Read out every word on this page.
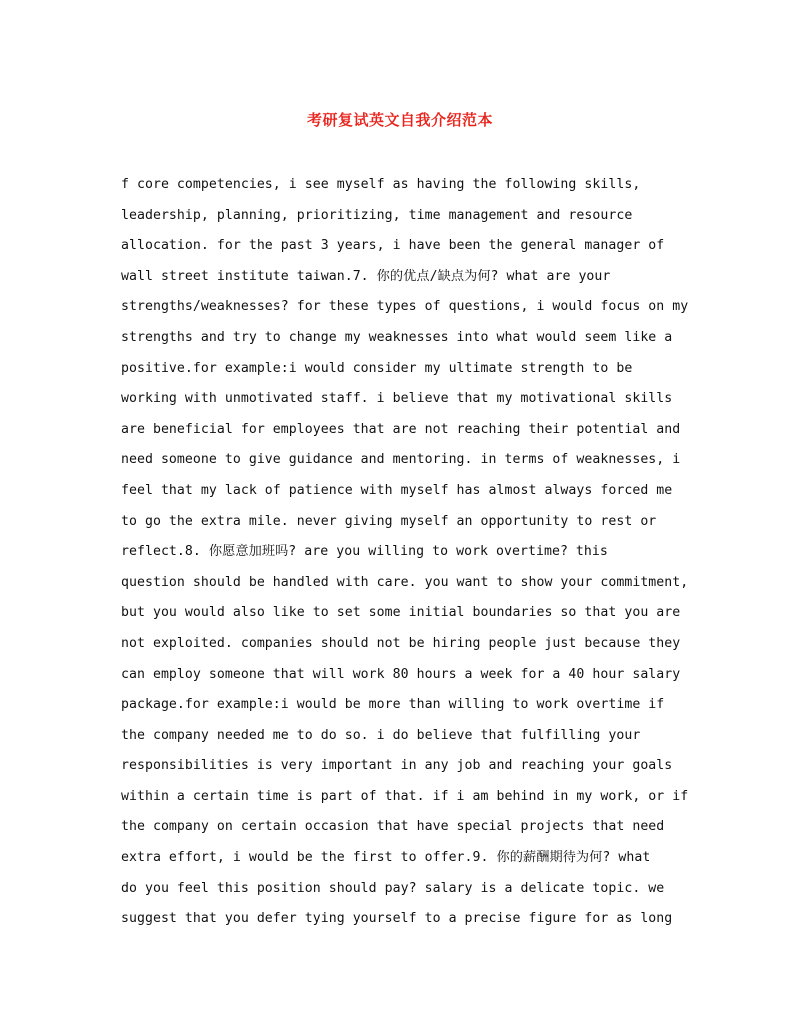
考研复试英文自我介绍范本
f core competencies, i see myself as having the following skills,
leadership, planning, prioritizing, time management and resource
allocation. for the past 3 years, i have been the general manager of
wall street institute taiwan.7. 你的优点/缺点为何? what are your
strengths/weaknesses? for these types of questions, i would focus on my
strengths and try to change my weaknesses into what would seem like a
positive.for example:i would consider my ultimate strength to be
working with unmotivated staff. i believe that my motivational skills
are beneficial for employees that are not reaching their potential and
need someone to give guidance and mentoring. in terms of weaknesses, i
feel that my lack of patience with myself has almost always forced me
to go the extra mile. never giving myself an opportunity to rest or
reflect.8. 你愿意加班吗? are you willing to work overtime? this
question should be handled with care. you want to show your commitment,
but you would also like to set some initial boundaries so that you are
not exploited. companies should not be hiring people just because they
can employ someone that will work 80 hours a week for a 40 hour salary
package.for example:i would be more than willing to work overtime if
the company needed me to do so. i do believe that fulfilling your
responsibilities is very important in any job and reaching your goals
within a certain time is part of that. if i am behind in my work, or if
the company on certain occasion that have special projects that need
extra effort, i would be the first to offer.9. 你的薪酬期待为何? what
do you feel this position should pay? salary is a delicate topic. we
suggest that you defer tying yourself to a precise figure for as long
